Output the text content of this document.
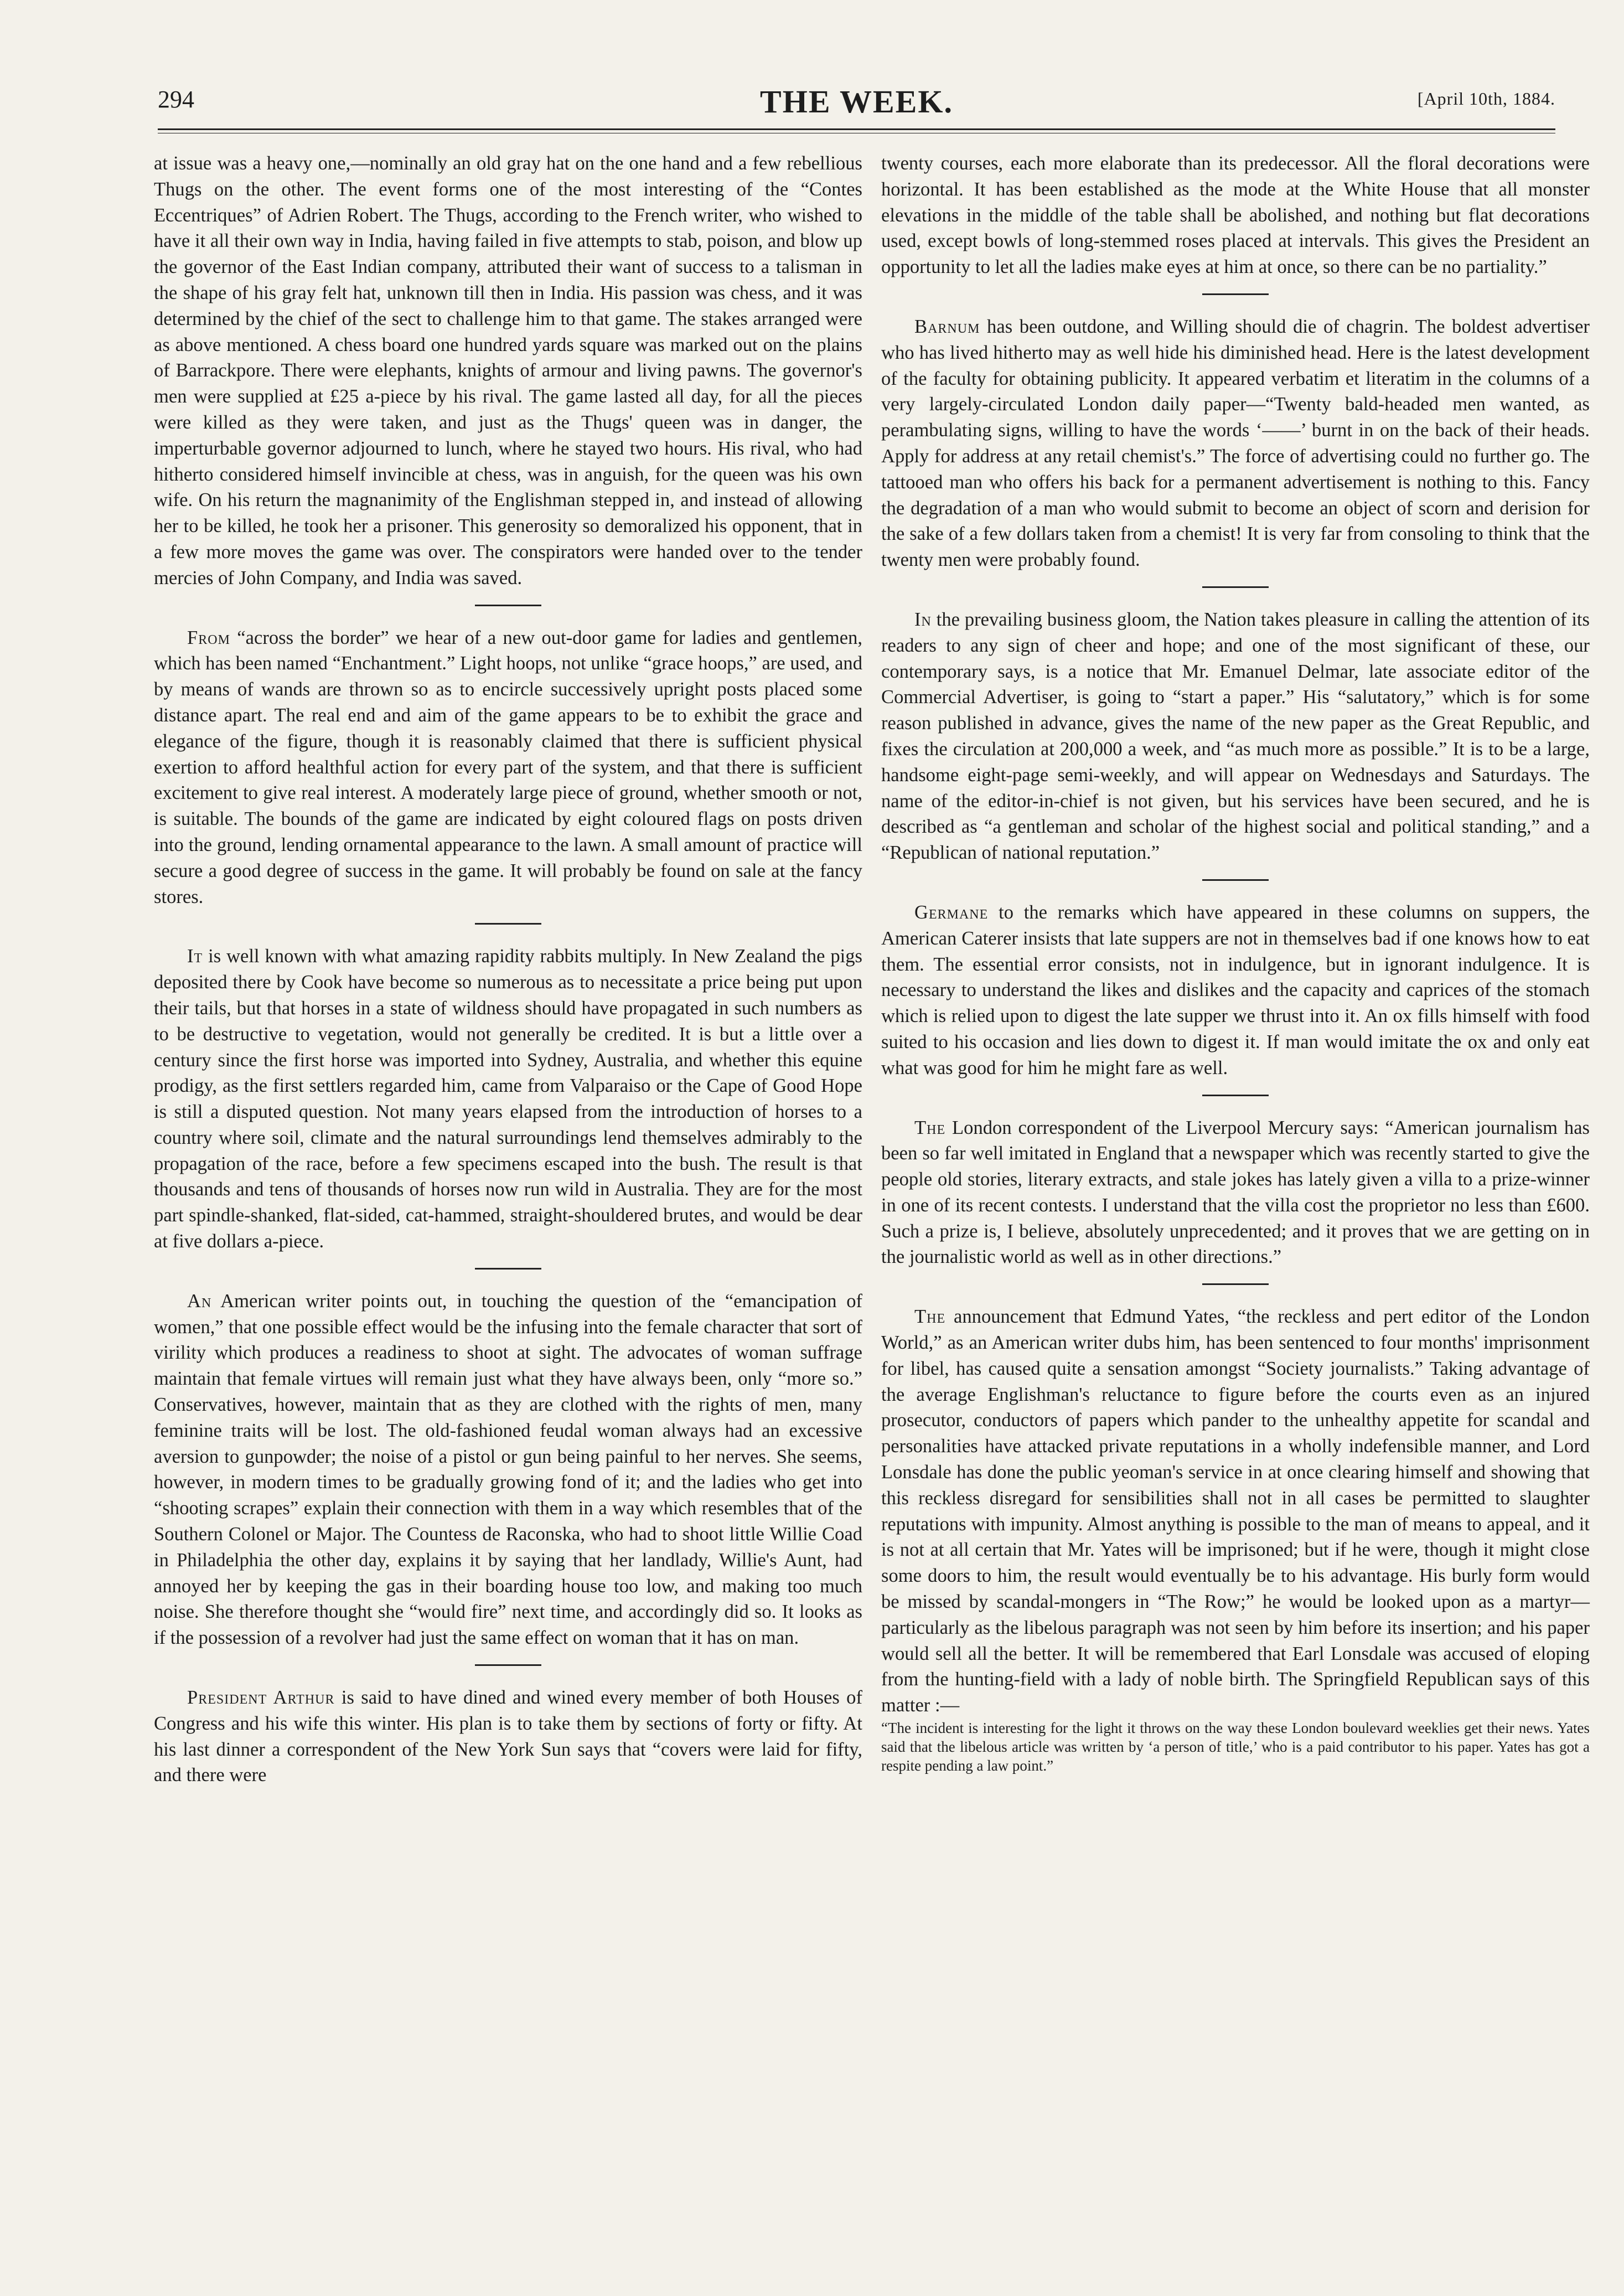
294	THE WEEK.	[April 10th, 1884.

at issue was a heavy one,—nominally an old gray hat on the one hand and a few rebellious Thugs on the other. The event forms one of the most interesting of the “Contes Eccentriques” of Adrien Robert. The Thugs, according to the French writer, who wished to have it all their own way in India, having failed in five attempts to stab, poison, and blow up the governor of the East Indian company, attributed their want of success to a talisman in the shape of his gray felt hat, unknown till then in India. His passion was chess, and it was determined by the chief of the sect to challenge him to that game. The stakes arranged were as above mentioned. A chess board one hundred yards square was marked out on the plains of Barrackpore. There were elephants, knights of armour and living pawns. The governor's men were supplied at £25 a-piece by his rival. The game lasted all day, for all the pieces were killed as they were taken, and just as the Thugs' queen was in danger, the imperturbable governor adjourned to lunch, where he stayed two hours. His rival, who had hitherto considered himself invincible at chess, was in anguish, for the queen was his own wife. On his return the magnanimity of the Englishman stepped in, and instead of allowing her to be killed, he took her a prisoner. This generosity so demoralized his opponent, that in a few more moves the game was over. The conspirators were handed over to the tender mercies of John Company, and India was saved.

From “across the border” we hear of a new out-door game for ladies and gentlemen, which has been named “Enchantment.” Light hoops, not unlike “grace hoops,” are used, and by means of wands are thrown so as to encircle successively upright posts placed some distance apart. The real end and aim of the game appears to be to exhibit the grace and elegance of the figure, though it is reasonably claimed that there is sufficient physical exertion to afford healthful action for every part of the system, and that there is sufficient excitement to give real interest. A moderately large piece of ground, whether smooth or not, is suitable. The bounds of the game are indicated by eight coloured flags on posts driven into the ground, lending ornamental appearance to the lawn. A small amount of practice will secure a good degree of success in the game. It will probably be found on sale at the fancy stores.

It is well known with what amazing rapidity rabbits multiply. In New Zealand the pigs deposited there by Cook have become so numerous as to necessitate a price being put upon their tails, but that horses in a state of wildness should have propagated in such numbers as to be destructive to vegetation, would not generally be credited. It is but a little over a century since the first horse was imported into Sydney, Australia, and whether this equine prodigy, as the first settlers regarded him, came from Valparaiso or the Cape of Good Hope is still a disputed question. Not many years elapsed from the introduction of horses to a country where soil, climate and the natural surroundings lend themselves admirably to the propagation of the race, before a few specimens escaped into the bush. The result is that thousands and tens of thousands of horses now run wild in Australia. They are for the most part spindle-shanked, flat-sided, cat-hammed, straight-shouldered brutes, and would be dear at five dollars a-piece.

An American writer points out, in touching the question of the “emancipation of women,” that one possible effect would be the infusing into the female character that sort of virility which produces a readiness to shoot at sight. The advocates of woman suffrage maintain that female virtues will remain just what they have always been, only “more so.” Conservatives, however, maintain that as they are clothed with the rights of men, many feminine traits will be lost. The old-fashioned feudal woman always had an excessive aversion to gunpowder; the noise of a pistol or gun being painful to her nerves. She seems, however, in modern times to be gradually growing fond of it; and the ladies who get into “shooting scrapes” explain their connection with them in a way which resembles that of the Southern Colonel or Major. The Countess de Raconska, who had to shoot little Willie Coad in Philadelphia the other day, explains it by saying that her landlady, Willie's Aunt, had annoyed her by keeping the gas in their boarding house too low, and making too much noise. She therefore thought she “would fire” next time, and accordingly did so. It looks as if the possession of a revolver had just the same effect on woman that it has on man.

President Arthur is said to have dined and wined every member of both Houses of Congress and his wife this winter. His plan is to take them by sections of forty or fifty. At his last dinner a correspondent of the New York Sun says that “covers were laid for fifty, and there were

twenty courses, each more elaborate than its predecessor. All the floral decorations were horizontal. It has been established as the mode at the White House that all monster elevations in the middle of the table shall be abolished, and nothing but flat decorations used, except bowls of long-stemmed roses placed at intervals. This gives the President an opportunity to let all the ladies make eyes at him at once, so there can be no partiality.”

Barnum has been outdone, and Willing should die of chagrin. The boldest advertiser who has lived hitherto may as well hide his diminished head. Here is the latest development of the faculty for obtaining publicity. It appeared verbatim et literatim in the columns of a very largely-circulated London daily paper—“Twenty bald-headed men wanted, as perambulating signs, willing to have the words ‘——’ burnt in on the back of their heads. Apply for address at any retail chemist's.” The force of advertising could no further go. The tattooed man who offers his back for a permanent advertisement is nothing to this. Fancy the degradation of a man who would submit to become an object of scorn and derision for the sake of a few dollars taken from a chemist! It is very far from consoling to think that the twenty men were probably found.

In the prevailing business gloom, the Nation takes pleasure in calling the attention of its readers to any sign of cheer and hope; and one of the most significant of these, our contemporary says, is a notice that Mr. Emanuel Delmar, late associate editor of the Commercial Advertiser, is going to “start a paper.” His “salutatory,” which is for some reason published in advance, gives the name of the new paper as the Great Republic, and fixes the circulation at 200,000 a week, and “as much more as possible.” It is to be a large, handsome eight-page semi-weekly, and will appear on Wednesdays and Saturdays. The name of the editor-in-chief is not given, but his services have been secured, and he is described as “a gentleman and scholar of the highest social and political standing,” and a “Republican of national reputation.”

Germane to the remarks which have appeared in these columns on suppers, the American Caterer insists that late suppers are not in themselves bad if one knows how to eat them. The essential error consists, not in indulgence, but in ignorant indulgence. It is necessary to understand the likes and dislikes and the capacity and caprices of the stomach which is relied upon to digest the late supper we thrust into it. An ox fills himself with food suited to his occasion and lies down to digest it. If man would imitate the ox and only eat what was good for him he might fare as well.

The London correspondent of the Liverpool Mercury says: “American journalism has been so far well imitated in England that a newspaper which was recently started to give the people old stories, literary extracts, and stale jokes has lately given a villa to a prize-winner in one of its recent contests. I understand that the villa cost the proprietor no less than £600. Such a prize is, I believe, absolutely unprecedented; and it proves that we are getting on in the journalistic world as well as in other directions.”

The announcement that Edmund Yates, “the reckless and pert editor of the London World,” as an American writer dubs him, has been sentenced to four months' imprisonment for libel, has caused quite a sensation amongst “Society journalists.” Taking advantage of the average Englishman's reluctance to figure before the courts even as an injured prosecutor, conductors of papers which pander to the unhealthy appetite for scandal and personalities have attacked private reputations in a wholly indefensible manner, and Lord Lonsdale has done the public yeoman's service in at once clearing himself and showing that this reckless disregard for sensibilities shall not in all cases be permitted to slaughter reputations with impunity. Almost anything is possible to the man of means to appeal, and it is not at all certain that Mr. Yates will be imprisoned; but if he were, though it might close some doors to him, the result would eventually be to his advantage. His burly form would be missed by scandal-mongers in “The Row;” he would be looked upon as a martyr—particularly as the libelous paragraph was not seen by him before its insertion; and his paper would sell all the better. It will be remembered that Earl Lonsdale was accused of eloping from the hunting-field with a lady of noble birth. The Springfield Republican says of this matter :—

“The incident is interesting for the light it throws on the way these London boulevard weeklies get their news. Yates said that the libelous article was written by ‘a person of title,’ who is a paid contributor to his paper. Yates has got a respite pending a law point.”
